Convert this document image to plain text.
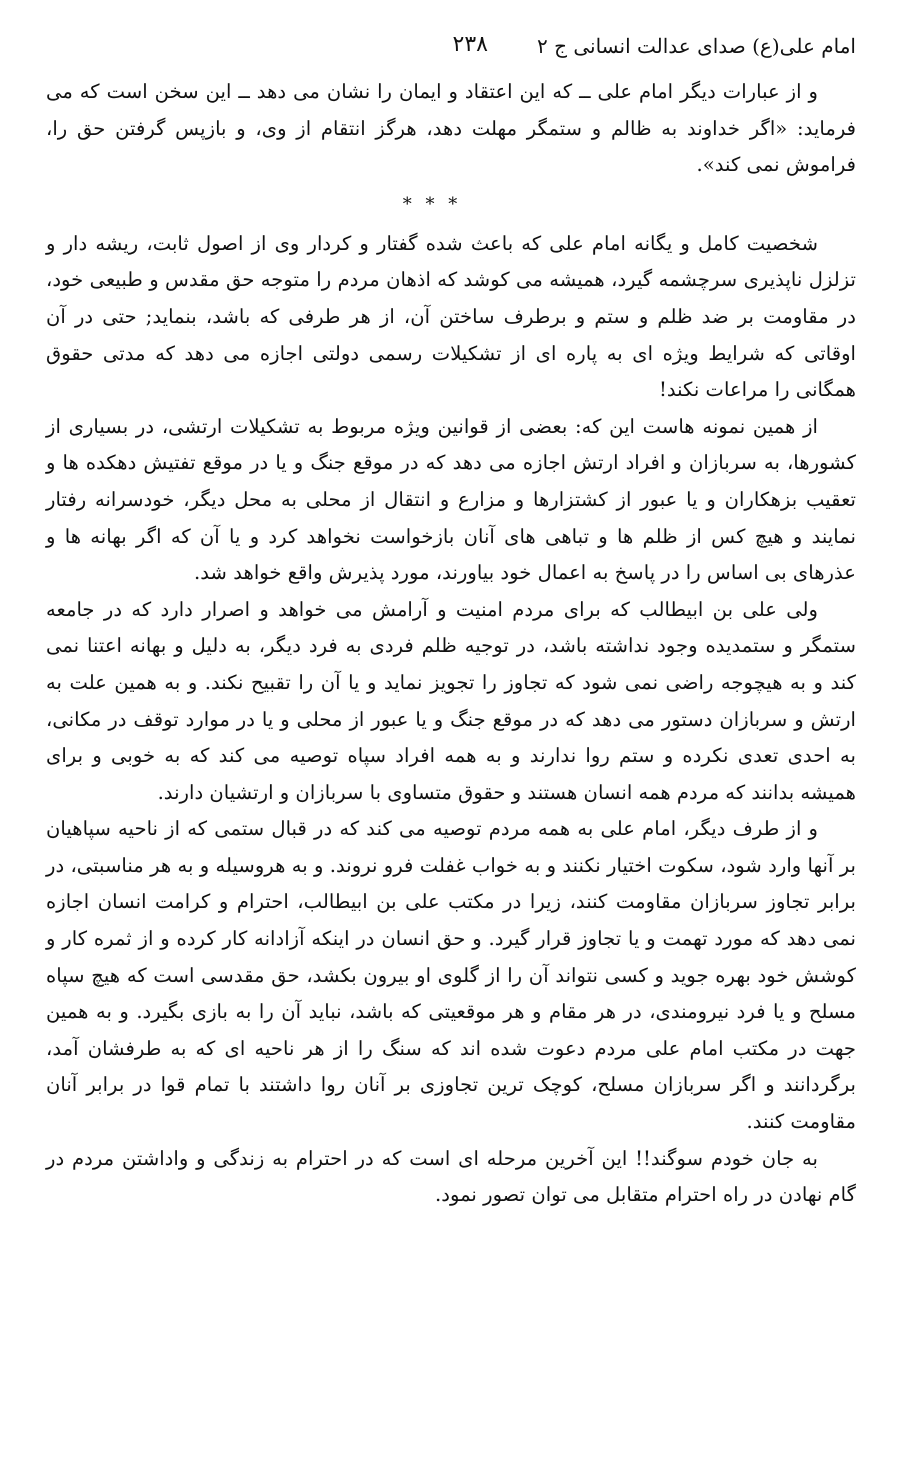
امام علی(ع) صدای عدالت انسانی ج ۲
۲۳۸

و از عبارات دیگر امام علی ــ که این اعتقاد و ایمان را نشان می دهد ــ این سخن است که می فرماید: «اگر خداوند به ظالم و ستمگر مهلت دهد، هرگز انتقام از وی، و بازپس گرفتن حق را، فراموش نمی کند».

* * *

شخصیت کامل و یگانه امام علی که باعث شده گفتار و کردار وی از اصول ثابت، ریشه دار و تزلزل ناپذیری سرچشمه گیرد، همیشه می کوشد که اذهان مردم را متوجه حق مقدس و طبیعی خود، در مقاومت بر ضد ظلم و ستم و برطرف ساختن آن، از هر طرفی که باشد، بنماید; حتی در آن اوقاتی که شرایط ویژه ای به پاره ای از تشکیلات رسمی دولتی اجازه می دهد که مدتی حقوق همگانی را مراعات نکند!

از همین نمونه هاست این که: بعضی از قوانین ویژه مربوط به تشکیلات ارتشی، در بسیاری از کشورها، به سربازان و افراد ارتش اجازه می دهد که در موقع جنگ و یا در موقع تفتیش دهکده ها و تعقیب بزهکاران و یا عبور از کشتزارها و مزارع و انتقال از محلی به محل دیگر، خودسرانه رفتار نمایند و هیچ کس از ظلم ها و تباهی های آنان بازخواست نخواهد کرد و یا آن که اگر بهانه ها و عذرهای بی اساس را در پاسخ به اعمال خود بیاورند، مورد پذیرش واقع خواهد شد.

ولی علی بن ابیطالب که برای مردم امنیت و آرامش می خواهد و اصرار دارد که در جامعه ستمگر و ستمدیده وجود نداشته باشد، در توجیه ظلم فردی به فرد دیگر، به دلیل و بهانه اعتنا نمی کند و به هیچوجه راضی نمی شود که تجاوز را تجویز نماید و یا آن را تقبیح نکند. و به همین علت به ارتش و سربازان دستور می دهد که در موقع جنگ و یا عبور از محلی و یا در موارد توقف در مکانی، به احدی تعدی نکرده و ستم روا ندارند و به همه افراد سپاه توصیه می کند که به خوبی و برای همیشه بدانند که مردم همه انسان هستند و حقوق متساوی با سربازان و ارتشیان دارند.

و از طرف دیگر، امام علی به همه مردم توصیه می کند که در قبال ستمی که از ناحیه سپاهیان بر آنها وارد شود، سکوت اختیار نکنند و به خواب غفلت فرو نروند. و به هروسیله و به هر مناسبتی، در برابر تجاوز سربازان مقاومت کنند، زیرا در مکتب علی بن ابیطالب، احترام و کرامت انسان اجازه نمی دهد که مورد تهمت و یا تجاوز قرار گیرد. و حق انسان در اینکه آزادانه کار کرده و از ثمره کار و کوشش خود بهره جوید و کسی نتواند آن را از گلوی او بیرون بکشد، حق مقدسی است که هیچ سپاه مسلح و یا فرد نیرومندی، در هر مقام و هر موقعیتی که باشد، نباید آن را به بازی بگیرد. و به همین جهت در مکتب امام علی مردم دعوت شده اند که سنگ را از هر ناحیه ای که به طرفشان آمد، برگردانند و اگر سربازان مسلح، کوچک ترین تجاوزی بر آنان روا داشتند با تمام قوا در برابر آنان مقاومت کنند.

به جان خودم سوگند!! این آخرین مرحله ای است که در احترام به زندگی و واداشتن مردم در گام نهادن در راه احترام متقابل می توان تصور نمود.
